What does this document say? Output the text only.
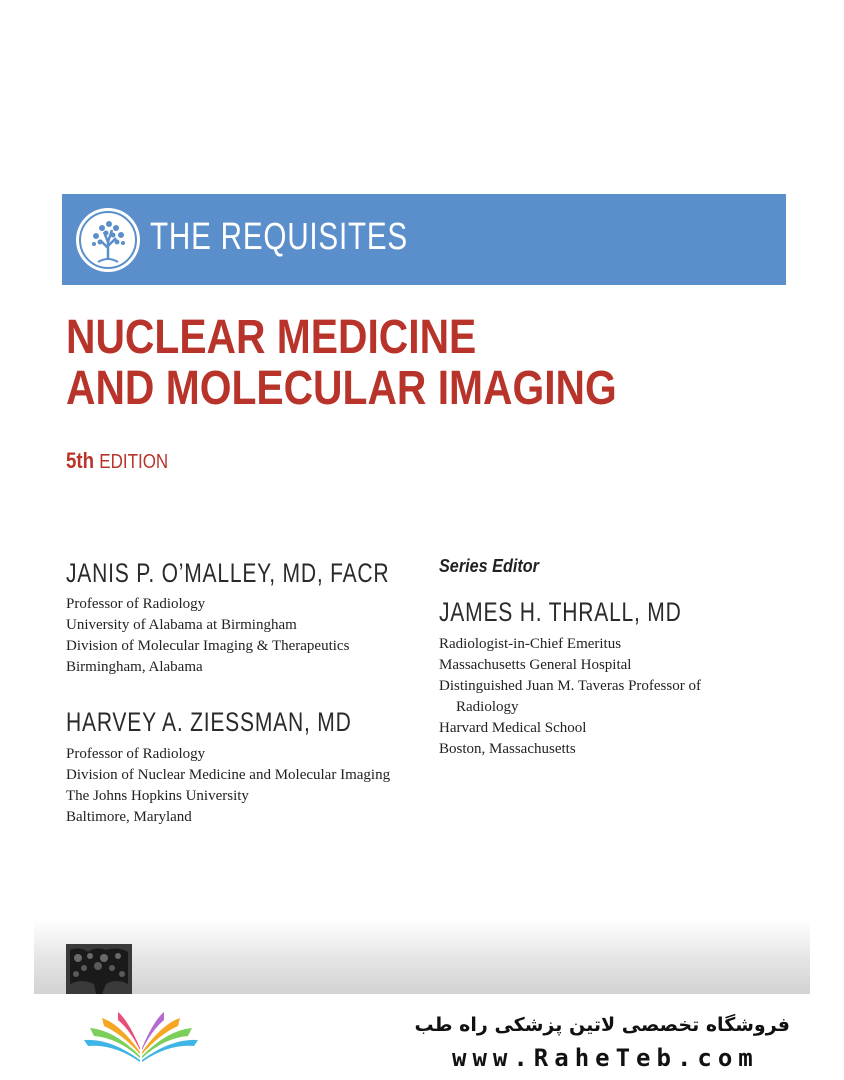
THE REQUISITES
NUCLEAR MEDICINE
AND MOLECULAR IMAGING
5th EDITION
JANIS P. O’MALLEY, MD, FACR
Professor of Radiology
University of Alabama at Birmingham
Division of Molecular Imaging & Therapeutics
Birmingham, Alabama
HARVEY A. ZIESSMAN, MD
Professor of Radiology
Division of Nuclear Medicine and Molecular Imaging
The Johns Hopkins University
Baltimore, Maryland
Series Editor
JAMES H. THRALL, MD
Radiologist-in-Chief Emeritus
Massachusetts General Hospital
Distinguished Juan M. Taveras Professor of
Radiology
Harvard Medical School
Boston, Massachusetts
فروشگاه تخصصی لاتین پزشکی راه طب
www.RaheTeb.com
